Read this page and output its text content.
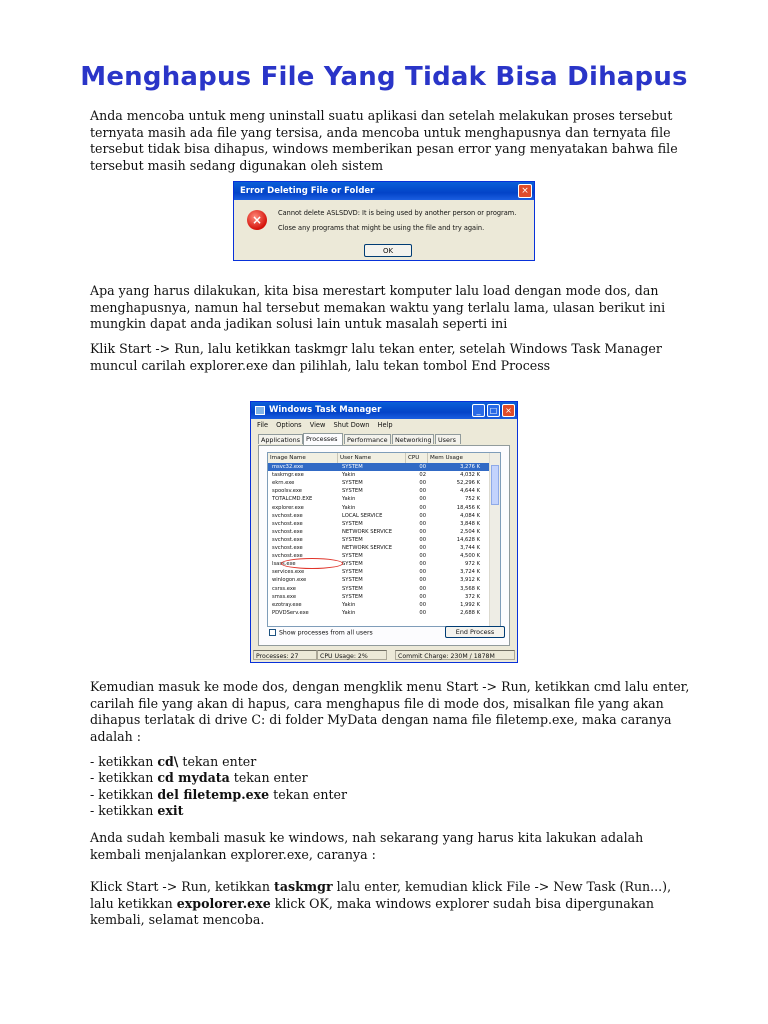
Menghapus File Yang Tidak Bisa Dihapus

Anda mencoba untuk meng uninstall suatu aplikasi dan setelah melakukan proses tersebut ternyata masih ada file yang tersisa, anda mencoba untuk menghapusnya dan ternyata file tersebut tidak bisa dihapus, windows memberikan pesan error yang menyatakan bahwa file tersebut masih sedang digunakan oleh sistem

Error Deleting File or Folder	×
×	Cannot delete ASLSDVD: It is being used by another person or program.
Close any programs that might be using the file and try again.
OK

Apa yang harus dilakukan, kita bisa merestart komputer lalu load dengan mode dos, dan menghapusnya, namun hal tersebut memakan waktu yang terlalu lama, ulasan berikut ini mungkin dapat anda jadikan solusi lain untuk masalah seperti ini

Klik Start -> Run, lalu ketikkan taskmgr lalu tekan enter, setelah Windows Task Manager muncul carilah explorer.exe dan pilihlah, lalu tekan tombol End Process

Windows Task Manager	_	□ ×
File Options View Shut Down Help
Applications Processes	Performance	Networking	Users
Image Name	User Name	CPU	Mem Usage
msvc32.exe	SYSTEM	00	3,276 K
taskmgr.exe	Yakin	02	4,032 K
ekrn.exe	SYSTEM	00	52,296 K
spoolsv.exe	SYSTEM	00	4,644 K
TOTALCMD.EXE	Yakin	00	752 K
explorer.exe	Yakin	00	18,456 K
svchost.exe	LOCAL SERVICE	00	4,084 K
svchost.exe	SYSTEM	00	3,848 K
svchost.exe	NETWORK SERVICE	00	2,504 K
svchost.exe	SYSTEM	00	14,628 K
svchost.exe	NETWORK SERVICE	00	3,744 K
svchost.exe	SYSTEM	00	4,500 K
lsass.exe	SYSTEM	00	972 K
services.exe	SYSTEM	00	3,724 K
winlogon.exe	SYSTEM	00	3,912 K
csrss.exe	SYSTEM	00	3,568 K
smss.exe	SYSTEM	00	372 K
ezotray.exe	Yakin	00	1,992 K
PDVDServ.exe	Yakin	00	2,688 K
Show processes from all users	End Process
Processes: 27	CPU Usage: 2%	Commit Charge: 230M / 1878M

Kemudian masuk ke mode dos, dengan mengklik menu Start -> Run, ketikkan cmd lalu enter, carilah file yang akan di hapus, cara menghapus file di mode dos, misalkan file yang akan dihapus terlatak di drive C: di folder MyData dengan nama file filetemp.exe, maka caranya adalah :

- ketikkan cd\ tekan enter
- ketikkan cd mydata tekan enter
- ketikkan del filetemp.exe tekan enter
- ketikkan exit

Anda sudah kembali masuk ke windows, nah sekarang yang harus kita lakukan adalah kembali menjalankan explorer.exe, caranya :

Klick Start -> Run, ketikkan taskmgr lalu enter, kemudian klick File -> New Task (Run...), lalu ketikkan expolorer.exe klick OK, maka windows explorer sudah bisa dipergunakan kembali, selamat mencoba.
